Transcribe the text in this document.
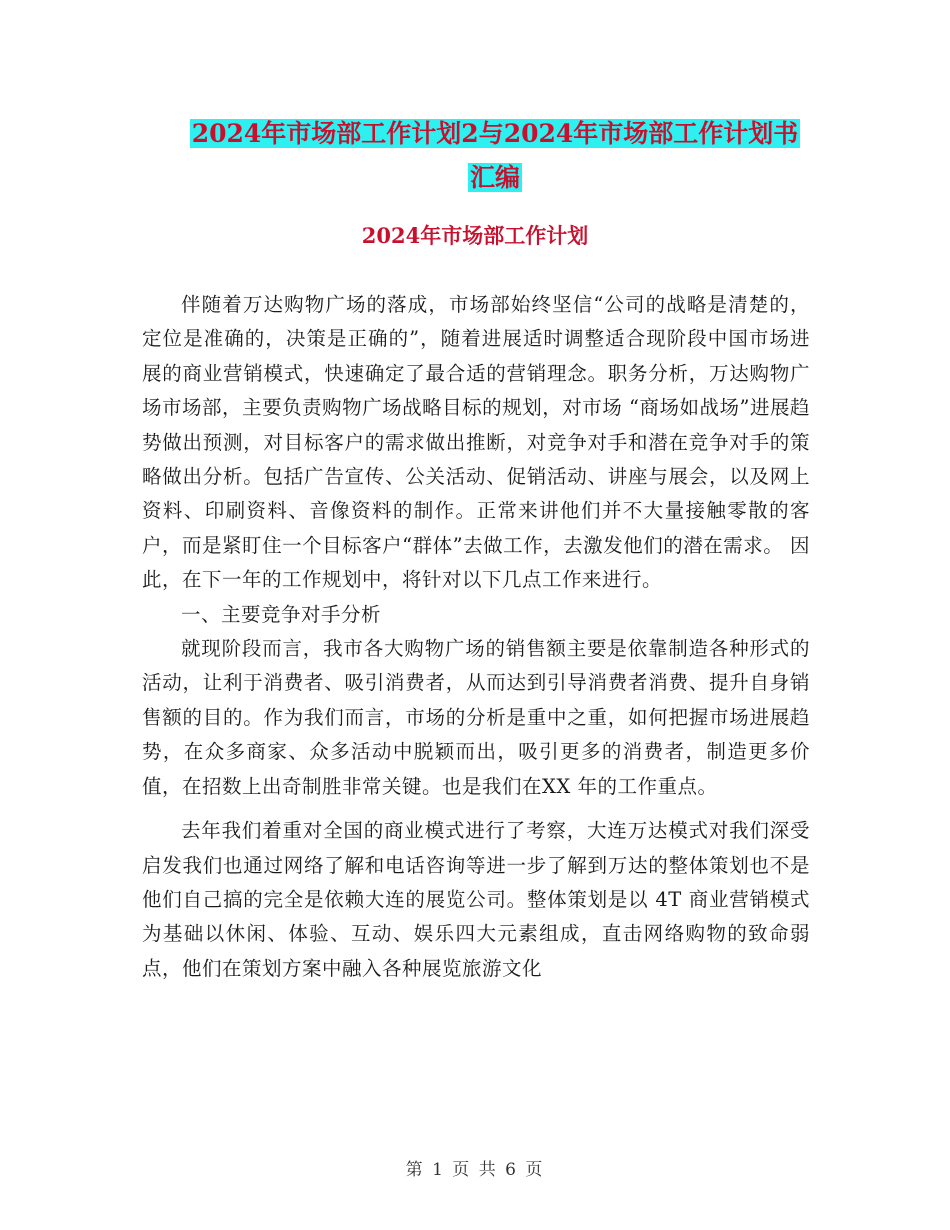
2024年市场部工作计划2与2024年市场部工作计划书
汇编
2024年市场部工作计划

伴随着万达购物广场的落成，市场部始终坚信“公司的战略是清楚的，定位是准确的，决策是正确的”，随着进展适时调整适合现阶段中国市场进展的商业营销模式，快速确定了最合适的营销理念。职务分析，万达购物广场市场部，主要负责购物广场战略目标的规划，对市场 “商场如战场”进展趋势做出预测，对目标客户的需求做出推断，对竞争对手和潜在竞争对手的策略做出分析。包括广告宣传、公关活动、促销活动、讲座与展会，以及网上资料、印刷资料、音像资料的制作。正常来讲他们并不大量接触零散的客户，而是紧盯住一个目标客户“群体”去做工作，去激发他们的潜在需求。 因此，在下一年的工作规划中，将针对以下几点工作来进行。

一、主要竞争对手分析

就现阶段而言，我市各大购物广场的销售额主要是依靠制造各种形式的活动，让利于消费者、吸引消费者，从而达到引导消费者消费、提升自身销售额的目的。作为我们而言，市场的分析是重中之重，如何把握市场进展趋势，在众多商家、众多活动中脱颖而出，吸引更多的消费者，制造更多价值，在招数上出奇制胜非常关键。也是我们在XX 年的工作重点。

去年我们着重对全国的商业模式进行了考察，大连万达模式对我们深受启发我们也通过网络了解和电话咨询等进一步了解到万达的整体策划也不是他们自己搞的完全是依赖大连的展览公司。整体策划是以 4T 商业营销模式为基础以休闲、体验、互动、娱乐四大元素组成，直击网络购物的致命弱点，他们在策划方案中融入各种展览旅游文化

第 1 页 共 6 页
